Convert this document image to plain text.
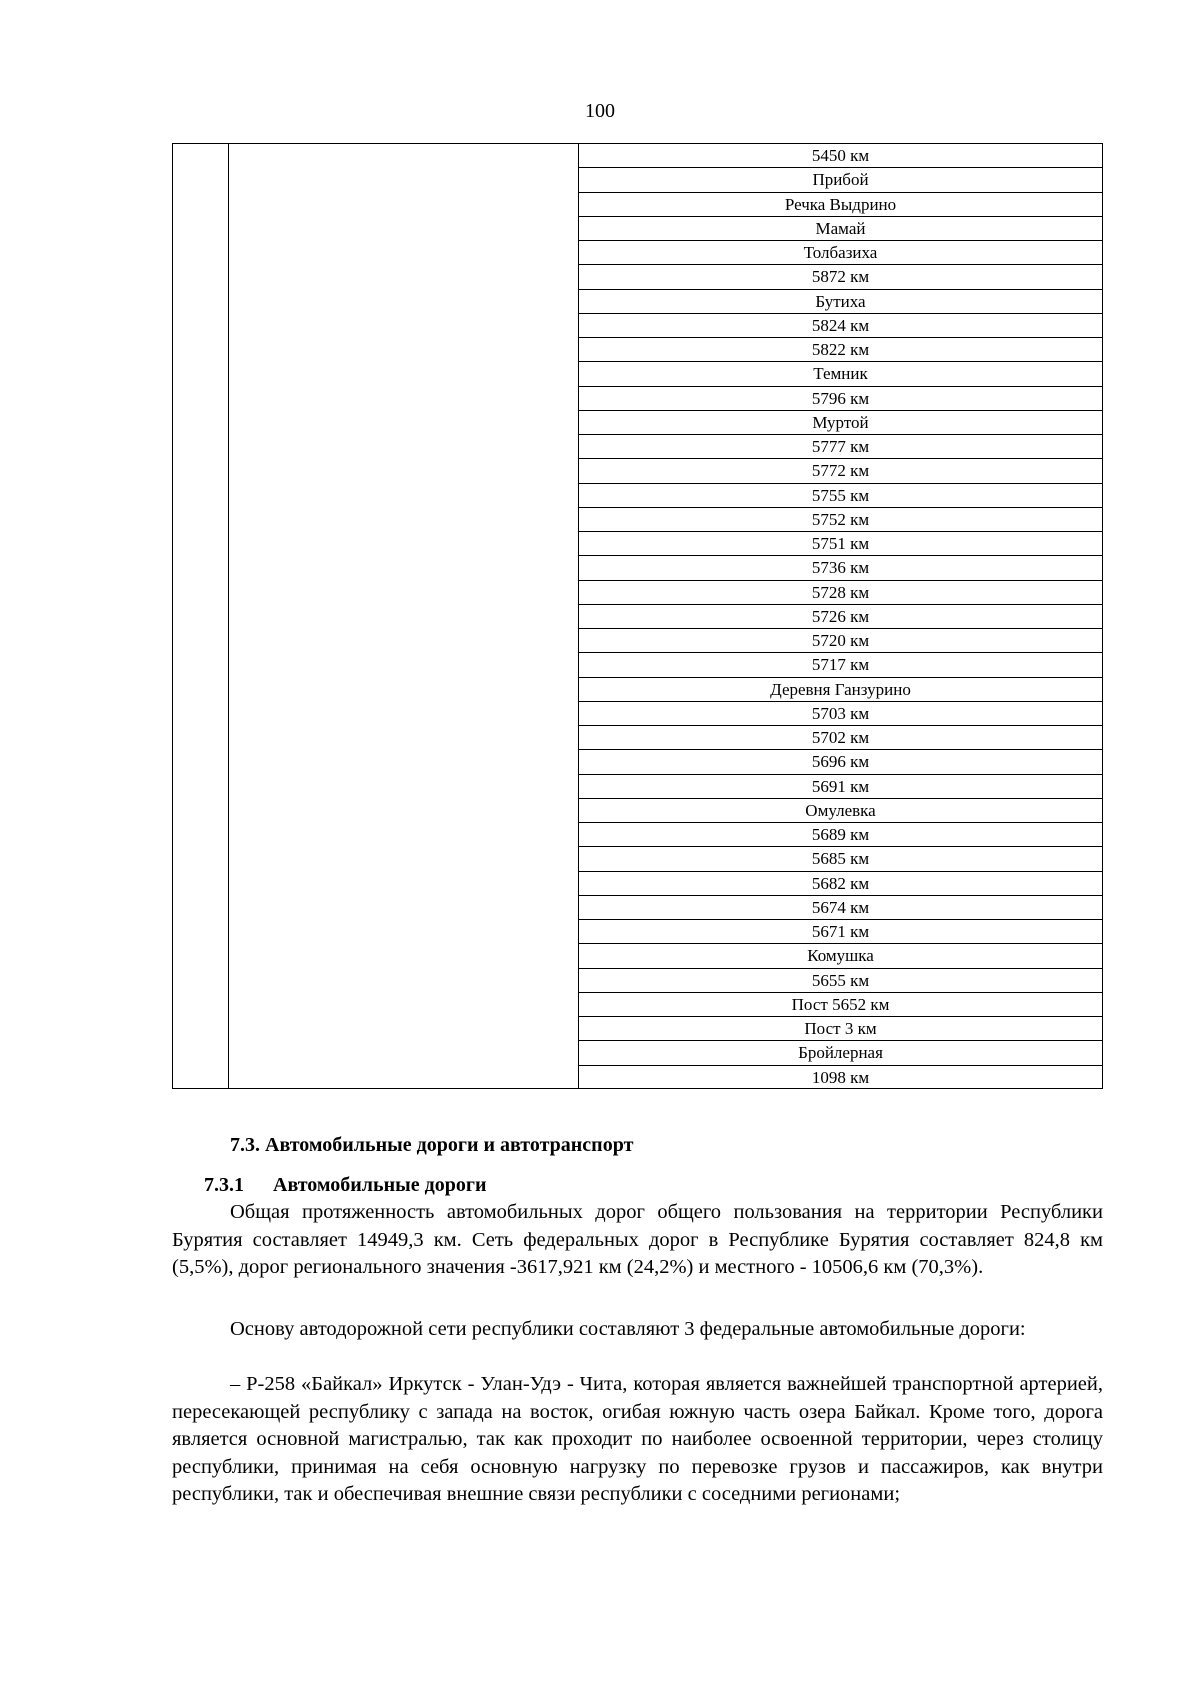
100
5450 км
Прибой
Речка Выдрино
Мамай
Толбазиха
5872 км
Бутиха
5824 км
5822 км
Темник
5796 км
Муртой
5777 км
5772 км
5755 км
5752 км
5751 км
5736 км
5728 км
5726 км
5720 км
5717 км
Деревня Ганзурино
5703 км
5702 км
5696 км
5691 км
Омулевка
5689 км
5685 км
5682 км
5674 км
5671 км
Комушка
5655 км
Пост 5652 км
Пост 3 км
Бройлерная
1098 км
7.3. Автомобильные дороги и автотранспорт
7.3.1 Автомобильные дороги

Общая протяженность автомобильных дорог общего пользования на территории Республики Бурятия составляет 14949,3 км. Сеть федеральных дорог в Республике Бурятия составляет 824,8 км (5,5%), дорог регионального значения -3617,921 км (24,2%) и местного - 10506,6 км (70,3%).

Основу автодорожной сети республики составляют 3 федеральные автомобильные дороги:

– Р-258 «Байкал» Иркутск - Улан-Удэ - Чита, которая является важнейшей транспортной артерией, пересекающей республику с запада на восток, огибая южную часть озера Байкал. Кроме того, дорога является основной магистралью, так как проходит по наиболее освоенной территории, через столицу республики, принимая на себя основную нагрузку по перевозке грузов и пассажиров, как внутри республики, так и обеспечивая внешние связи республики с соседними регионами;
